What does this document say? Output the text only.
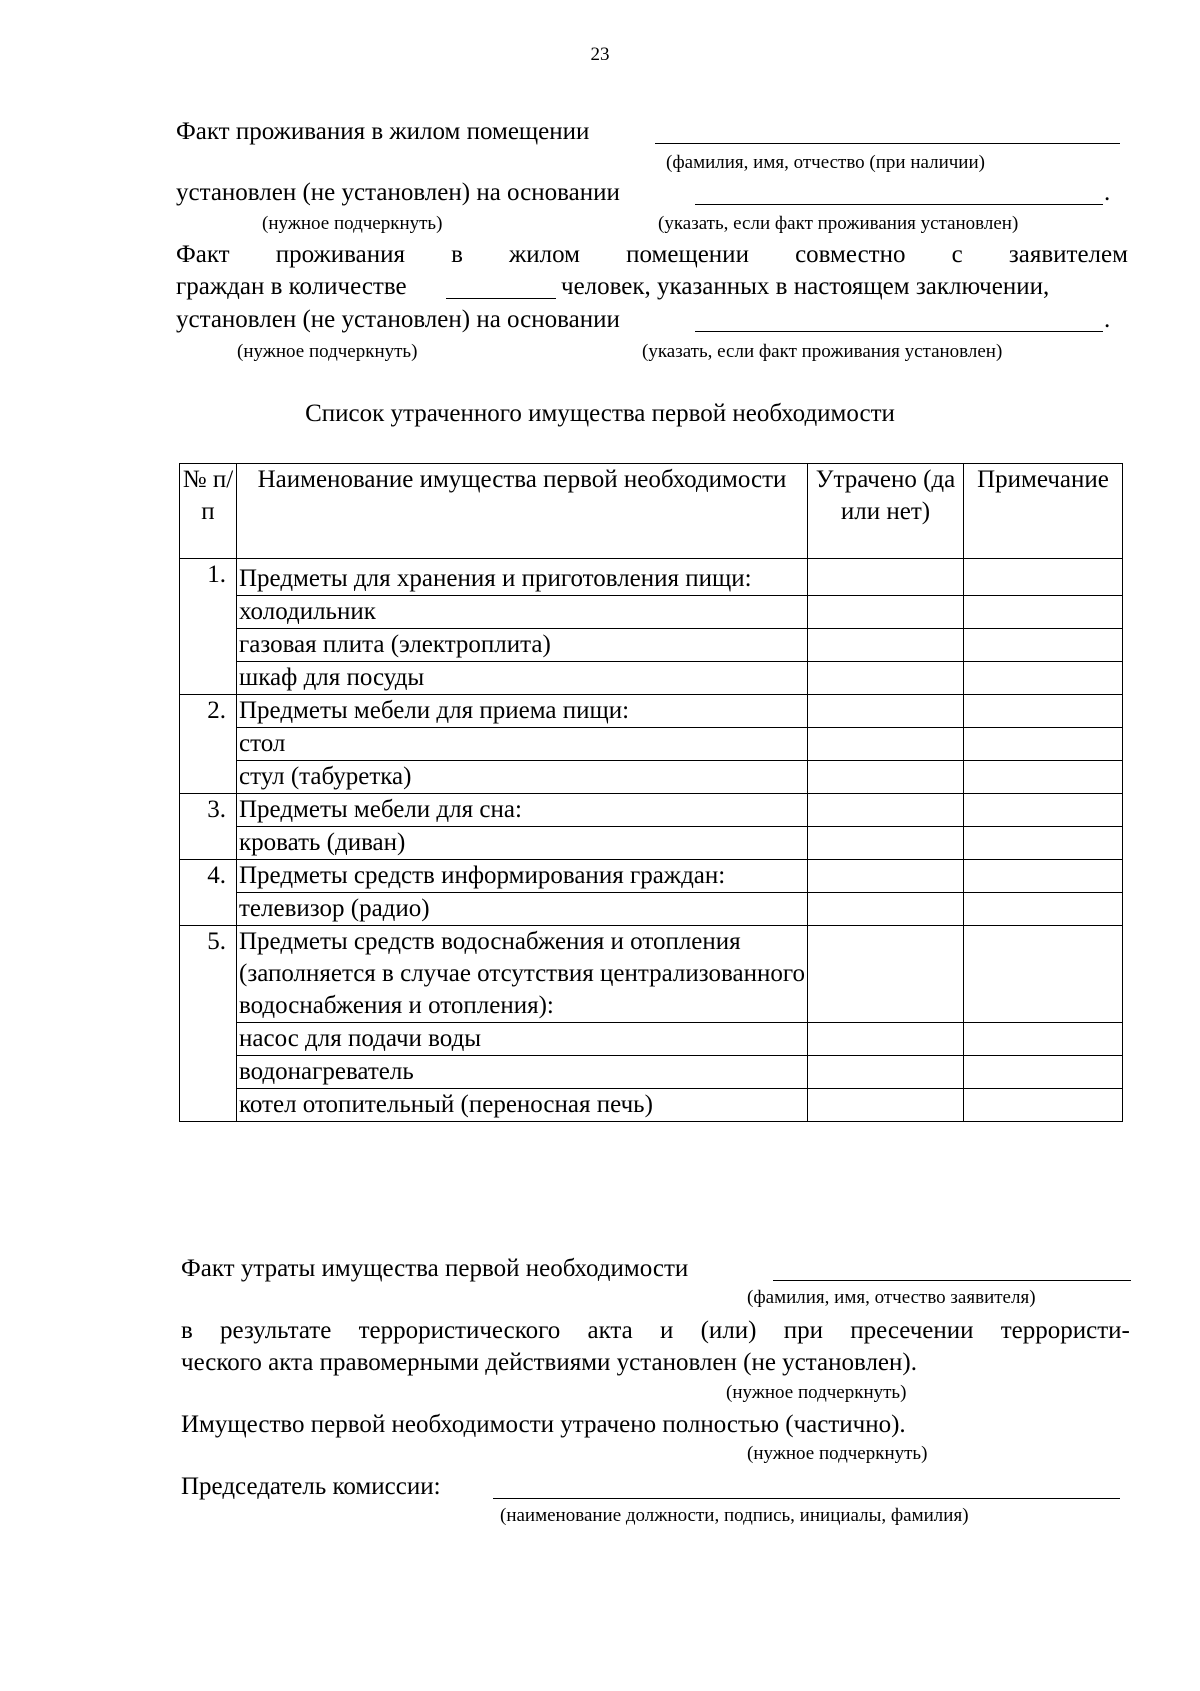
23
Факт проживания в жилом помещении
(фамилия, имя, отчество (при наличии)
установлен (не установлен) на основании	.
(нужное подчеркнуть)	(указать, если факт проживания установлен)
Факт проживания в жилом помещении совместно с заявителем
граждан в количестве	человек, указанных в настоящем заключении,
установлен (не установлен) на основании	.
(нужное подчеркнуть)	(указать, если факт проживания установлен)
Список утраченного имущества первой необходимости
№ п/п	Наименование имущества первой необходимости	Утрачено (да или нет)	Примечание
1.	Предметы для хранения и приготовления пищи:		
	холодильник		
	газовая плита (электроплита)		
	шкаф для посуды		
2.	Предметы мебели для приема пищи:		
	стол		
	стул (табуретка)		
3.	Предметы мебели для сна:		
	кровать (диван)		
4.	Предметы средств информирования граждан:		
	телевизор (радио)		
5.	Предметы средств водоснабжения и отопления (заполняется в случае отсутствия централизованного водоснабжения и отопления):		
	насос для подачи воды		
	водонагреватель		
	котел отопительный (переносная печь)		
Факт утраты имущества первой необходимости
(фамилия, имя, отчество заявителя)
в результате террористического акта и (или) при пресечении террористи-
ческого акта правомерными действиями установлен (не установлен).
(нужное подчеркнуть)
Имущество первой необходимости утрачено полностью (частично).
(нужное подчеркнуть)
Председатель комиссии:
(наименование должности, подпись, инициалы, фамилия)
